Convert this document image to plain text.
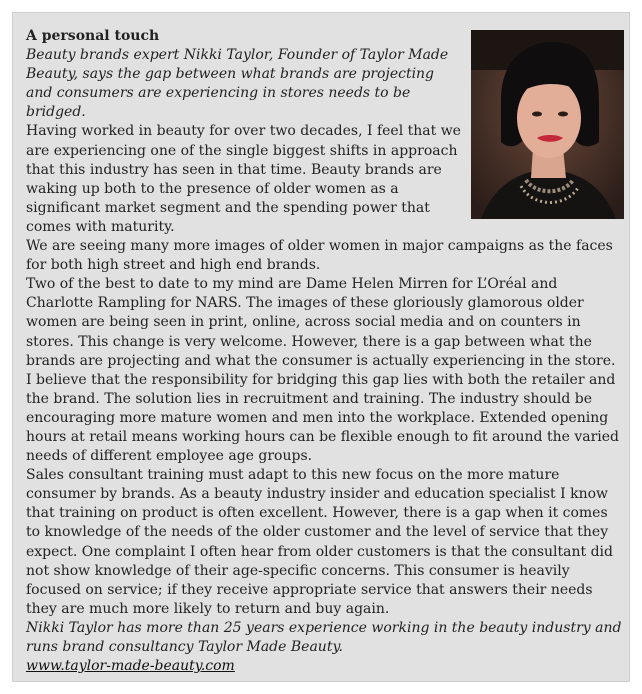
A personal touch
Beauty brands expert Nikki Taylor, Founder of Taylor Made Beauty, says the gap between what brands are projecting and consumers are experiencing in stores needs to be bridged.

Having worked in beauty for over two decades, I feel that we are experiencing one of the single biggest shifts in approach that this industry has seen in that time. Beauty brands are waking up both to the presence of older women as a significant market segment and the spending power that comes with maturity.

We are seeing many more images of older women in major campaigns as the faces for both high street and high end brands.

Two of the best to date to my mind are Dame Helen Mirren for L’Oréal and Charlotte Rampling for NARS. The images of these gloriously glamorous older women are being seen in print, online, across social media and on counters in stores. This change is very welcome. However, there is a gap between what the brands are projecting and what the consumer is actually experiencing in the store.

I believe that the responsibility for bridging this gap lies with both the retailer and the brand. The solution lies in recruitment and training. The industry should be encouraging more mature women and men into the workplace. Extended opening hours at retail means working hours can be flexible enough to fit around the varied needs of different employee age groups.

Sales consultant training must adapt to this new focus on the more mature consumer by brands. As a beauty industry insider and education specialist I know that training on product is often excellent. However, there is a gap when it comes to knowledge of the needs of the older customer and the level of service that they expect. One complaint I often hear from older customers is that the consultant did not show knowledge of their age-specific concerns. This consumer is heavily focused on service; if they receive appropriate service that answers their needs they are much more likely to return and buy again.

Nikki Taylor has more than 25 years experience working in the beauty industry and runs brand consultancy Taylor Made Beauty.

www.taylor-made-beauty.com
